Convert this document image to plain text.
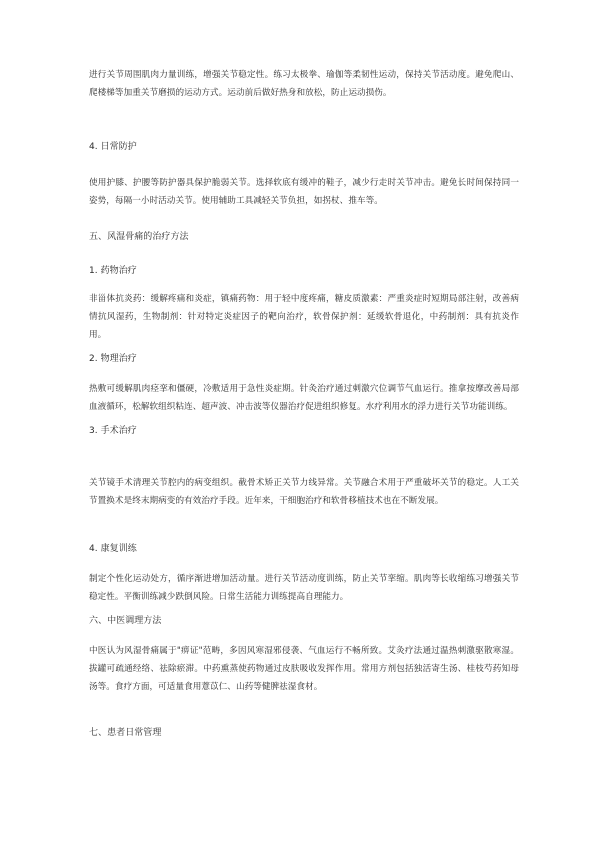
进行关节周围肌肉力量训练，增强关节稳定性。练习太极拳、瑜伽等柔韧性运动，保持关节活动度。避免爬山、爬楼梯等加重关节磨损的运动方式。运动前后做好热身和放松，防止运动损伤。

4. 日常防护

使用护膝、护腰等防护器具保护脆弱关节。选择软底有缓冲的鞋子，减少行走时关节冲击。避免长时间保持同一姿势，每隔一小时活动关节。使用辅助工具减轻关节负担，如拐杖、推车等。

五、风湿骨痛的治疗方法

1. 药物治疗

非甾体抗炎药：缓解疼痛和炎症，镇痛药物：用于轻中度疼痛，糖皮质激素：严重炎症时短期局部注射，改善病情抗风湿药，生物制剂：针对特定炎症因子的靶向治疗，软骨保护剂：延缓软骨退化，中药制剂：具有抗炎作用。

2. 物理治疗

热敷可缓解肌肉痉挛和僵硬，冷敷适用于急性炎症期。针灸治疗通过刺激穴位调节气血运行。推拿按摩改善局部血液循环，松解软组织粘连、超声波、冲击波等仪器治疗促进组织修复。水疗利用水的浮力进行关节功能训练。

3. 手术治疗

关节镜手术清理关节腔内的病变组织。截骨术矫正关节力线异常。关节融合术用于严重破坏关节的稳定。人工关节置换术是终末期病变的有效治疗手段。近年来，干细胞治疗和软骨移植技术也在不断发展。

4. 康复训练

制定个性化运动处方，循序渐进增加活动量。进行关节活动度训练，防止关节挛缩。肌肉等长收缩练习增强关节稳定性。平衡训练减少跌倒风险。日常生活能力训练提高自理能力。

六、中医调理方法

中医认为风湿骨痛属于"痹证"范畴，多因风寒湿邪侵袭、气血运行不畅所致。艾灸疗法通过温热刺激驱散寒湿。拔罐可疏通经络、祛除瘀滞。中药熏蒸使药物通过皮肤吸收发挥作用。常用方剂包括独活寄生汤、桂枝芍药知母汤等。食疗方面，可适量食用薏苡仁、山药等健脾祛湿食材。

七、患者日常管理
